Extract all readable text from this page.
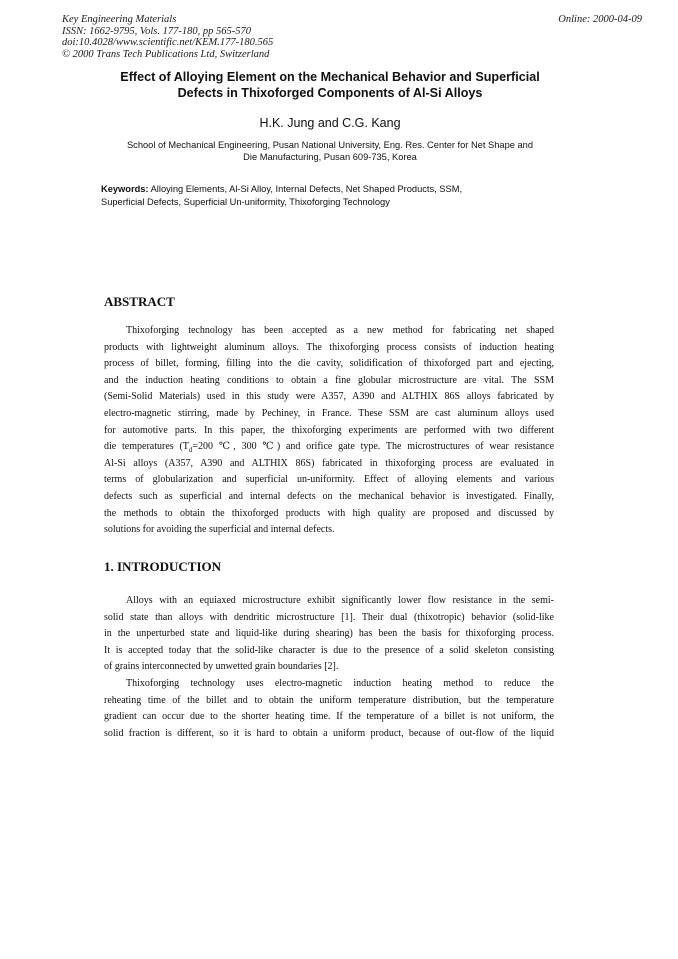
Key Engineering Materials
ISSN: 1662-9795, Vols. 177-180, pp 565-570
doi:10.4028/www.scientific.net/KEM.177-180.565
© 2000 Trans Tech Publications Ltd, Switzerland
Online: 2000-04-09
Effect of Alloying Element on the Mechanical Behavior and Superficial
Defects in Thixoforged Components of Al-Si Alloys
H.K. Jung and C.G. Kang
School of Mechanical Engineering, Pusan National University, Eng. Res. Center for Net Shape and
Die Manufacturing, Pusan 609-735, Korea
Keywords: Alloying Elements, Al-Si Alloy, Internal Defects, Net Shaped Products, SSM,
Superficial Defects, Superficial Un-uniformity, Thixoforging Technology
ABSTRACT
Thixoforging technology has been accepted as a new method for fabricating net shaped
products with lightweight aluminum alloys. The thixoforging process consists of induction heating
process of billet, forming, filling into the die cavity, solidification of thixoforged part and ejecting,
and the induction heating conditions to obtain a fine globular microstructure are vital. The SSM
(Semi-Solid Materials) used in this study were A357, A390 and ALTHIX 86S alloys fabricated by
electro-magnetic stirring, made by Pechiney, in France. These SSM are cast aluminum alloys used
for automotive parts. In this paper, the thixoforging experiments are performed with two different
die temperatures ($T_d=200$ ℃, 300 ℃) and orifice gate type. The microstructures of wear resistance
Al-Si alloys (A357, A390 and ALTHIX 86S) fabricated in thixoforging process are evaluated in
terms of globularization and superficial un-uniformity. Effect of alloying elements and various
defects such as superficial and internal defects on the mechanical behavior is investigated. Finally,
the methods to obtain the thixoforged products with high quality are proposed and discussed by
solutions for avoiding the superficial and internal defects.
1. INTRODUCTION
Alloys with an equiaxed microstructure exhibit significantly lower flow resistance in the semi-
solid state than alloys with dendritic microstructure [1]. Their dual (thixotropic) behavior (solid-like
in the unperturbed state and liquid-like during shearing) has been the basis for thixoforging process.
It is accepted today that the solid-like character is due to the presence of a solid skeleton consisting
of grains interconnected by unwetted grain boundaries [2].
Thixoforging technology uses electro-magnetic induction heating method to reduce the
reheating time of the billet and to obtain the uniform temperature distribution, but the temperature
gradient can occur due to the shorter heating time. If the temperature of a billet is not uniform, the
solid fraction is different, so it is hard to obtain a uniform product, because of out-flow of the liquid
